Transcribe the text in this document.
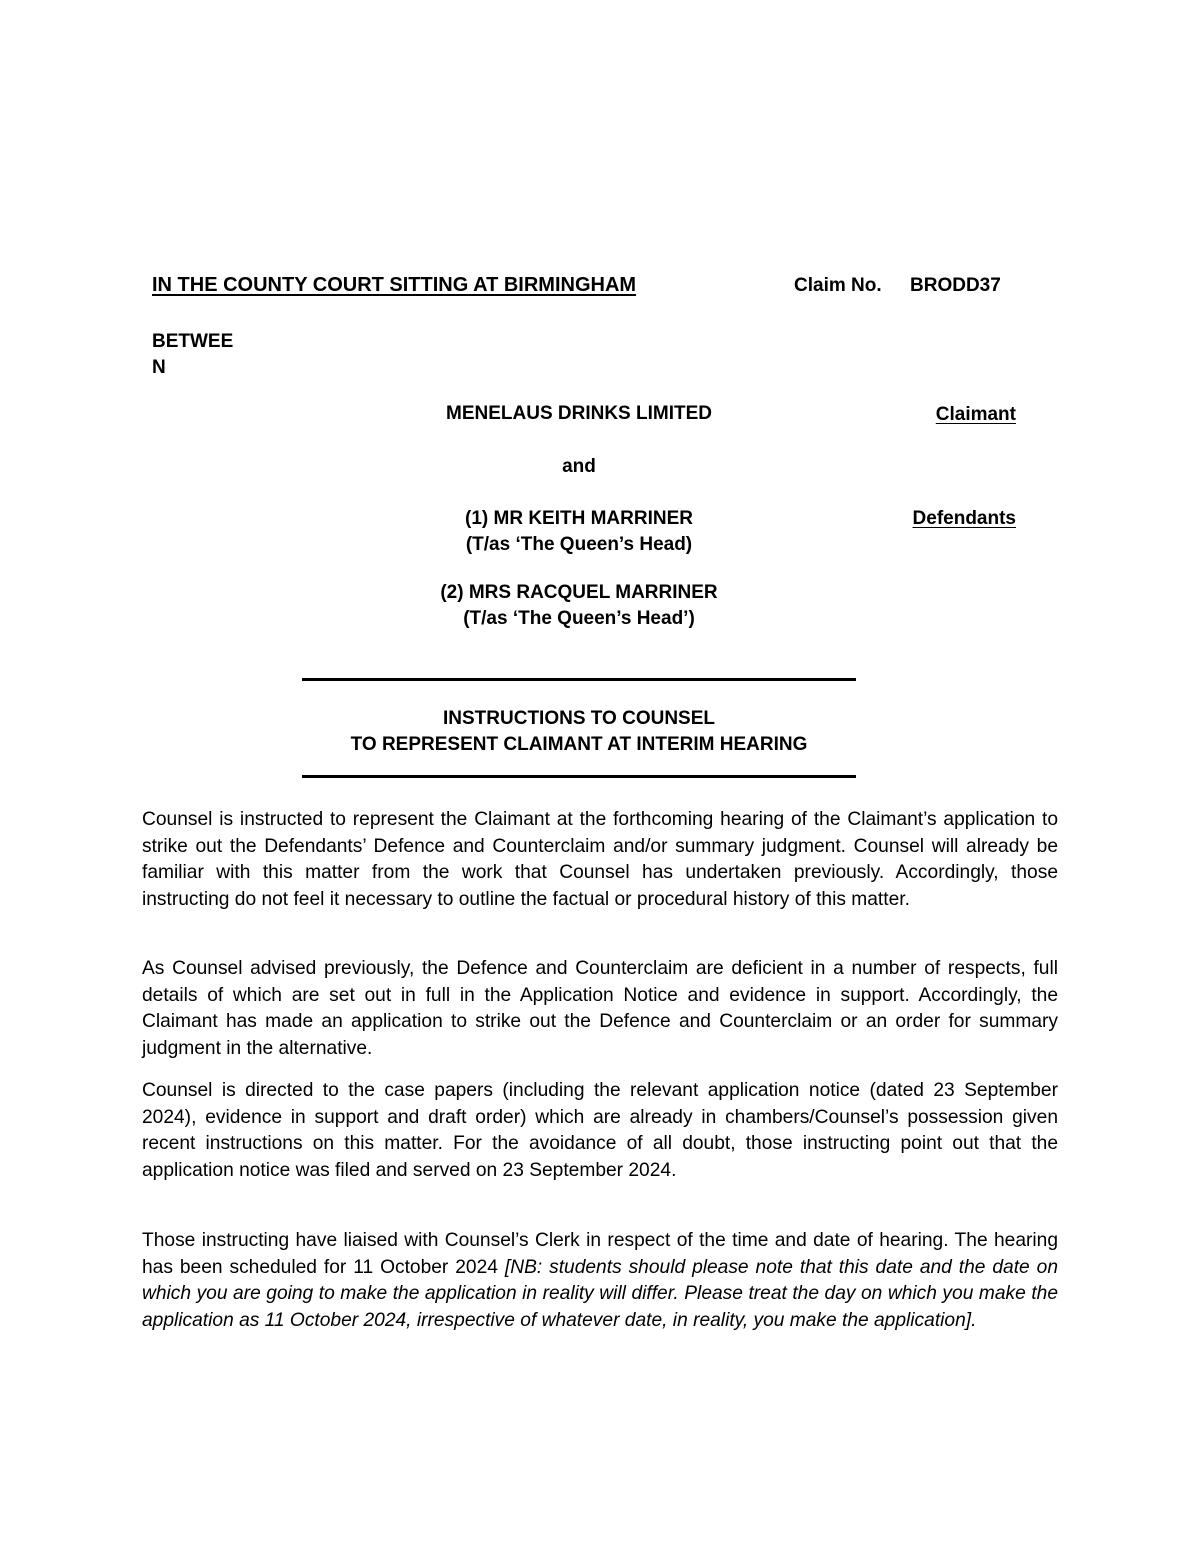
IN THE COUNTY COURT SITTING AT BIRMINGHAM	Claim No. BRODD37
BETWEE
N
MENELAUS DRINKS LIMITED	Claimant
and
(1) MR KEITH MARRINER	Defendants
(T/as ‘The Queen’s Head)
(2) MRS RACQUEL MARRINER
(T/as ‘The Queen’s Head’)
INSTRUCTIONS TO COUNSEL
TO REPRESENT CLAIMANT AT INTERIM HEARING

Counsel is instructed to represent the Claimant at the forthcoming hearing of the Claimant’s application to strike out the Defendants’ Defence and Counterclaim and/or summary judgment. Counsel will already be familiar with this matter from the work that Counsel has undertaken previously. Accordingly, those instructing do not feel it necessary to outline the factual or procedural history of this matter.

As Counsel advised previously, the Defence and Counterclaim are deficient in a number of respects, full details of which are set out in full in the Application Notice and evidence in support. Accordingly, the Claimant has made an application to strike out the Defence and Counterclaim or an order for summary judgment in the alternative.

Counsel is directed to the case papers (including the relevant application notice (dated 23 September 2024), evidence in support and draft order) which are already in chambers/Counsel’s possession given recent instructions on this matter. For the avoidance of all doubt, those instructing point out that the application notice was filed and served on 23 September 2024.

Those instructing have liaised with Counsel’s Clerk in respect of the time and date of hearing. The hearing has been scheduled for 11 October 2024 [NB: students should please note that this date and the date on which you are going to make the application in reality will differ. Please treat the day on which you make the application as 11 October 2024, irrespective of whatever date, in reality, you make the application].
